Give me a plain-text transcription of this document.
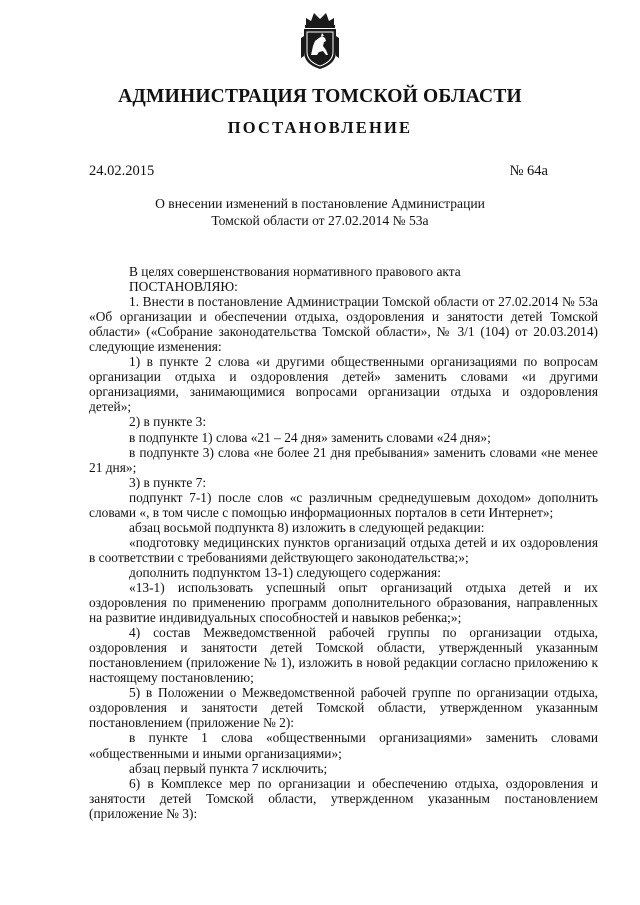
АДМИНИСТРАЦИЯ ТОМСКОЙ ОБЛАСТИ
ПОСТАНОВЛЕНИЕ
24.02.2015	№ 64а
О внесении изменений в постановление Администрации
Томской области от 27.02.2014 № 53а

В целях совершенствования нормативного правового акта

ПОСТАНОВЛЯЮ:

1. Внести в постановление Администрации Томской области от 27.02.2014 № 53а «Об организации и обеспечении отдыха, оздоровления и занятости детей Томской области» («Собрание законодательства Томской области», № 3/1 (104) от 20.03.2014) следующие изменения:

1) в пункте 2 слова «и другими общественными организациями по вопросам организации отдыха и оздоровления детей» заменить словами «и другими организациями, занимающимися вопросами организации отдыха и оздоровления детей»;

2) в пункте 3:

в подпункте 1) слова «21 – 24 дня» заменить словами «24 дня»;

в подпункте 3) слова «не более 21 дня пребывания» заменить словами «не менее 21 дня»;

3) в пункте 7:

подпункт 7-1) после слов «с различным среднедушевым доходом» дополнить словами «, в том числе с помощью информационных порталов в сети Интернет»;

абзац восьмой подпункта 8) изложить в следующей редакции:

«подготовку медицинских пунктов организаций отдыха детей и их оздоровления в соответствии с требованиями действующего законодательства;»;

дополнить подпунктом 13-1) следующего содержания:

«13-1) использовать успешный опыт организаций отдыха детей и их оздоровления по применению программ дополнительного образования, направленных на развитие индивидуальных способностей и навыков ребенка;»;

4) состав Межведомственной рабочей группы по организации отдыха, оздоровления и занятости детей Томской области, утвержденный указанным постановлением (приложение № 1), изложить в новой редакции согласно приложению к настоящему постановлению;

5) в Положении о Межведомственной рабочей группе по организации отдыха, оздоровления и занятости детей Томской области, утвержденном указанным постановлением (приложение № 2):

в пункте 1 слова «общественными организациями» заменить словами «общественными и иными организациями»;

абзац первый пункта 7 исключить;

6) в Комплексе мер по организации и обеспечению отдыха, оздоровления и занятости детей Томской области, утвержденном указанным постановлением (приложение № 3):
